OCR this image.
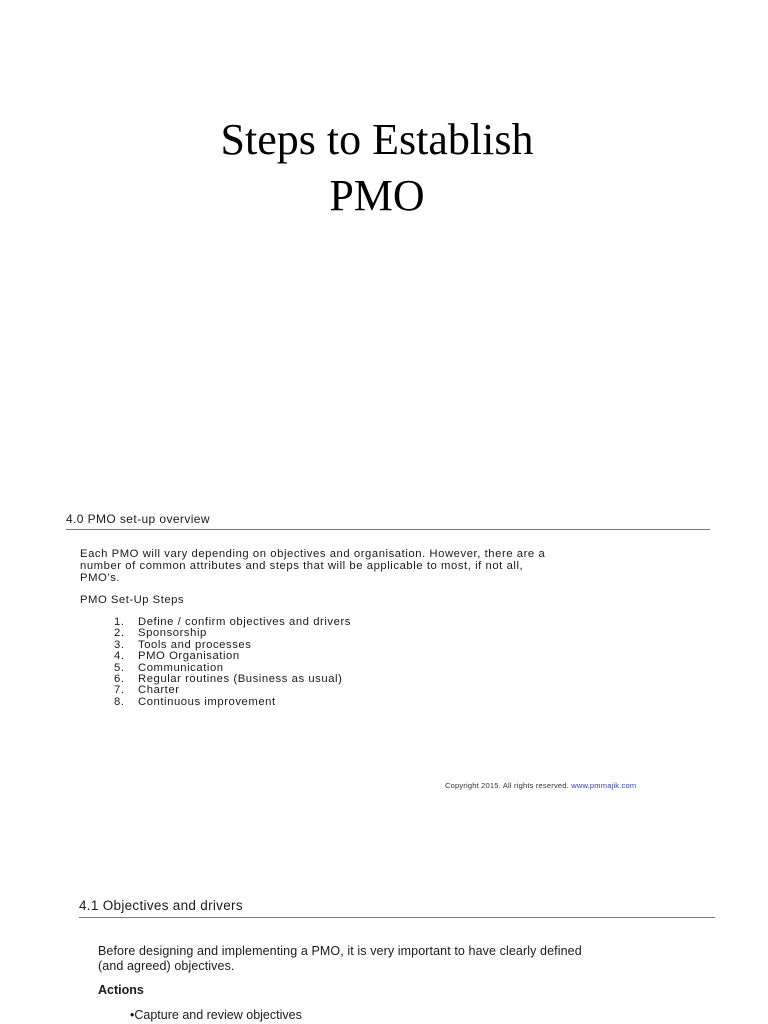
Steps to Establish
PMO
4.0 PMO set-up overview
Each PMO will vary depending on objectives and organisation. However, there are a
number of common attributes and steps that will be applicable to most, if not all,
PMO’s.
PMO Set-Up Steps
1.	Define / confirm objectives and drivers
2.	Sponsorship
3.	Tools and processes
4.	PMO Organisation
5.	Communication
6.	Regular routines (Business as usual)
7.	Charter
8.	Continuous improvement
Copyright 2015. All rights reserved. www.pmmajik.com
4.1 Objectives and drivers
Before designing and implementing a PMO, it is very important to have clearly defined
(and agreed) objectives.
Actions
•Capture and review objectives
